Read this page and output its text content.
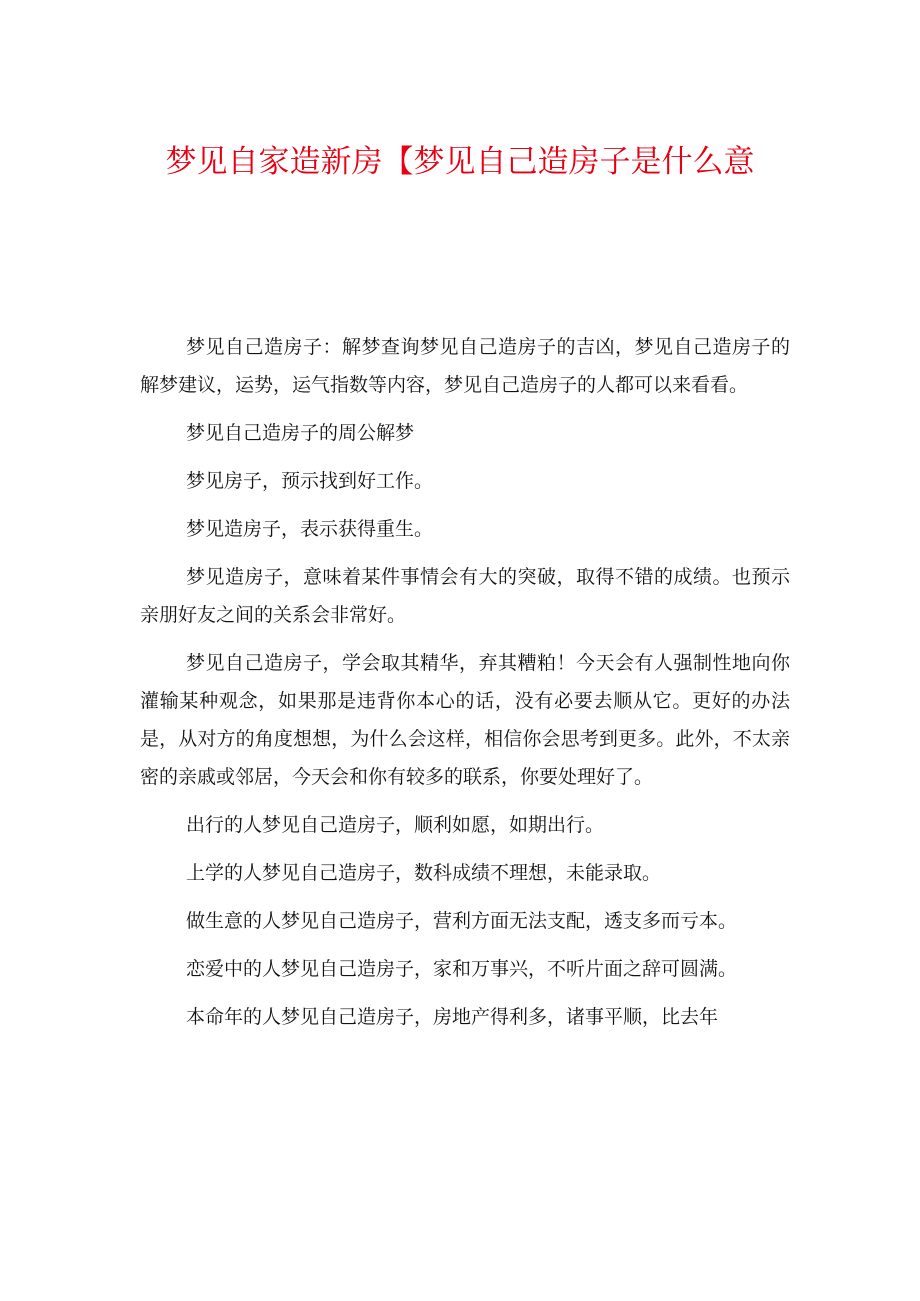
梦见自家造新房【梦见自己造房子是什么意

梦见自己造房子：解梦查询梦见自己造房子的吉凶，梦见自己造房子的解梦建议，运势，运气指数等内容，梦见自己造房子的人都可以来看看。

梦见自己造房子的周公解梦

梦见房子，预示找到好工作。

梦见造房子，表示获得重生。

梦见造房子，意味着某件事情会有大的突破，取得不错的成绩。也预示亲朋好友之间的关系会非常好。

梦见自己造房子，学会取其精华，弃其糟粕！今天会有人强制性地向你灌输某种观念，如果那是违背你本心的话，没有必要去顺从它。更好的办法是，从对方的角度想想，为什么会这样，相信你会思考到更多。此外，不太亲密的亲戚或邻居，今天会和你有较多的联系，你要处理好了。

出行的人梦见自己造房子，顺利如愿，如期出行。

上学的人梦见自己造房子，数科成绩不理想，未能录取。

做生意的人梦见自己造房子，营利方面无法支配，透支多而亏本。

恋爱中的人梦见自己造房子，家和万事兴，不听片面之辞可圆满。

本命年的人梦见自己造房子，房地产得利多，诸事平顺，比去年
